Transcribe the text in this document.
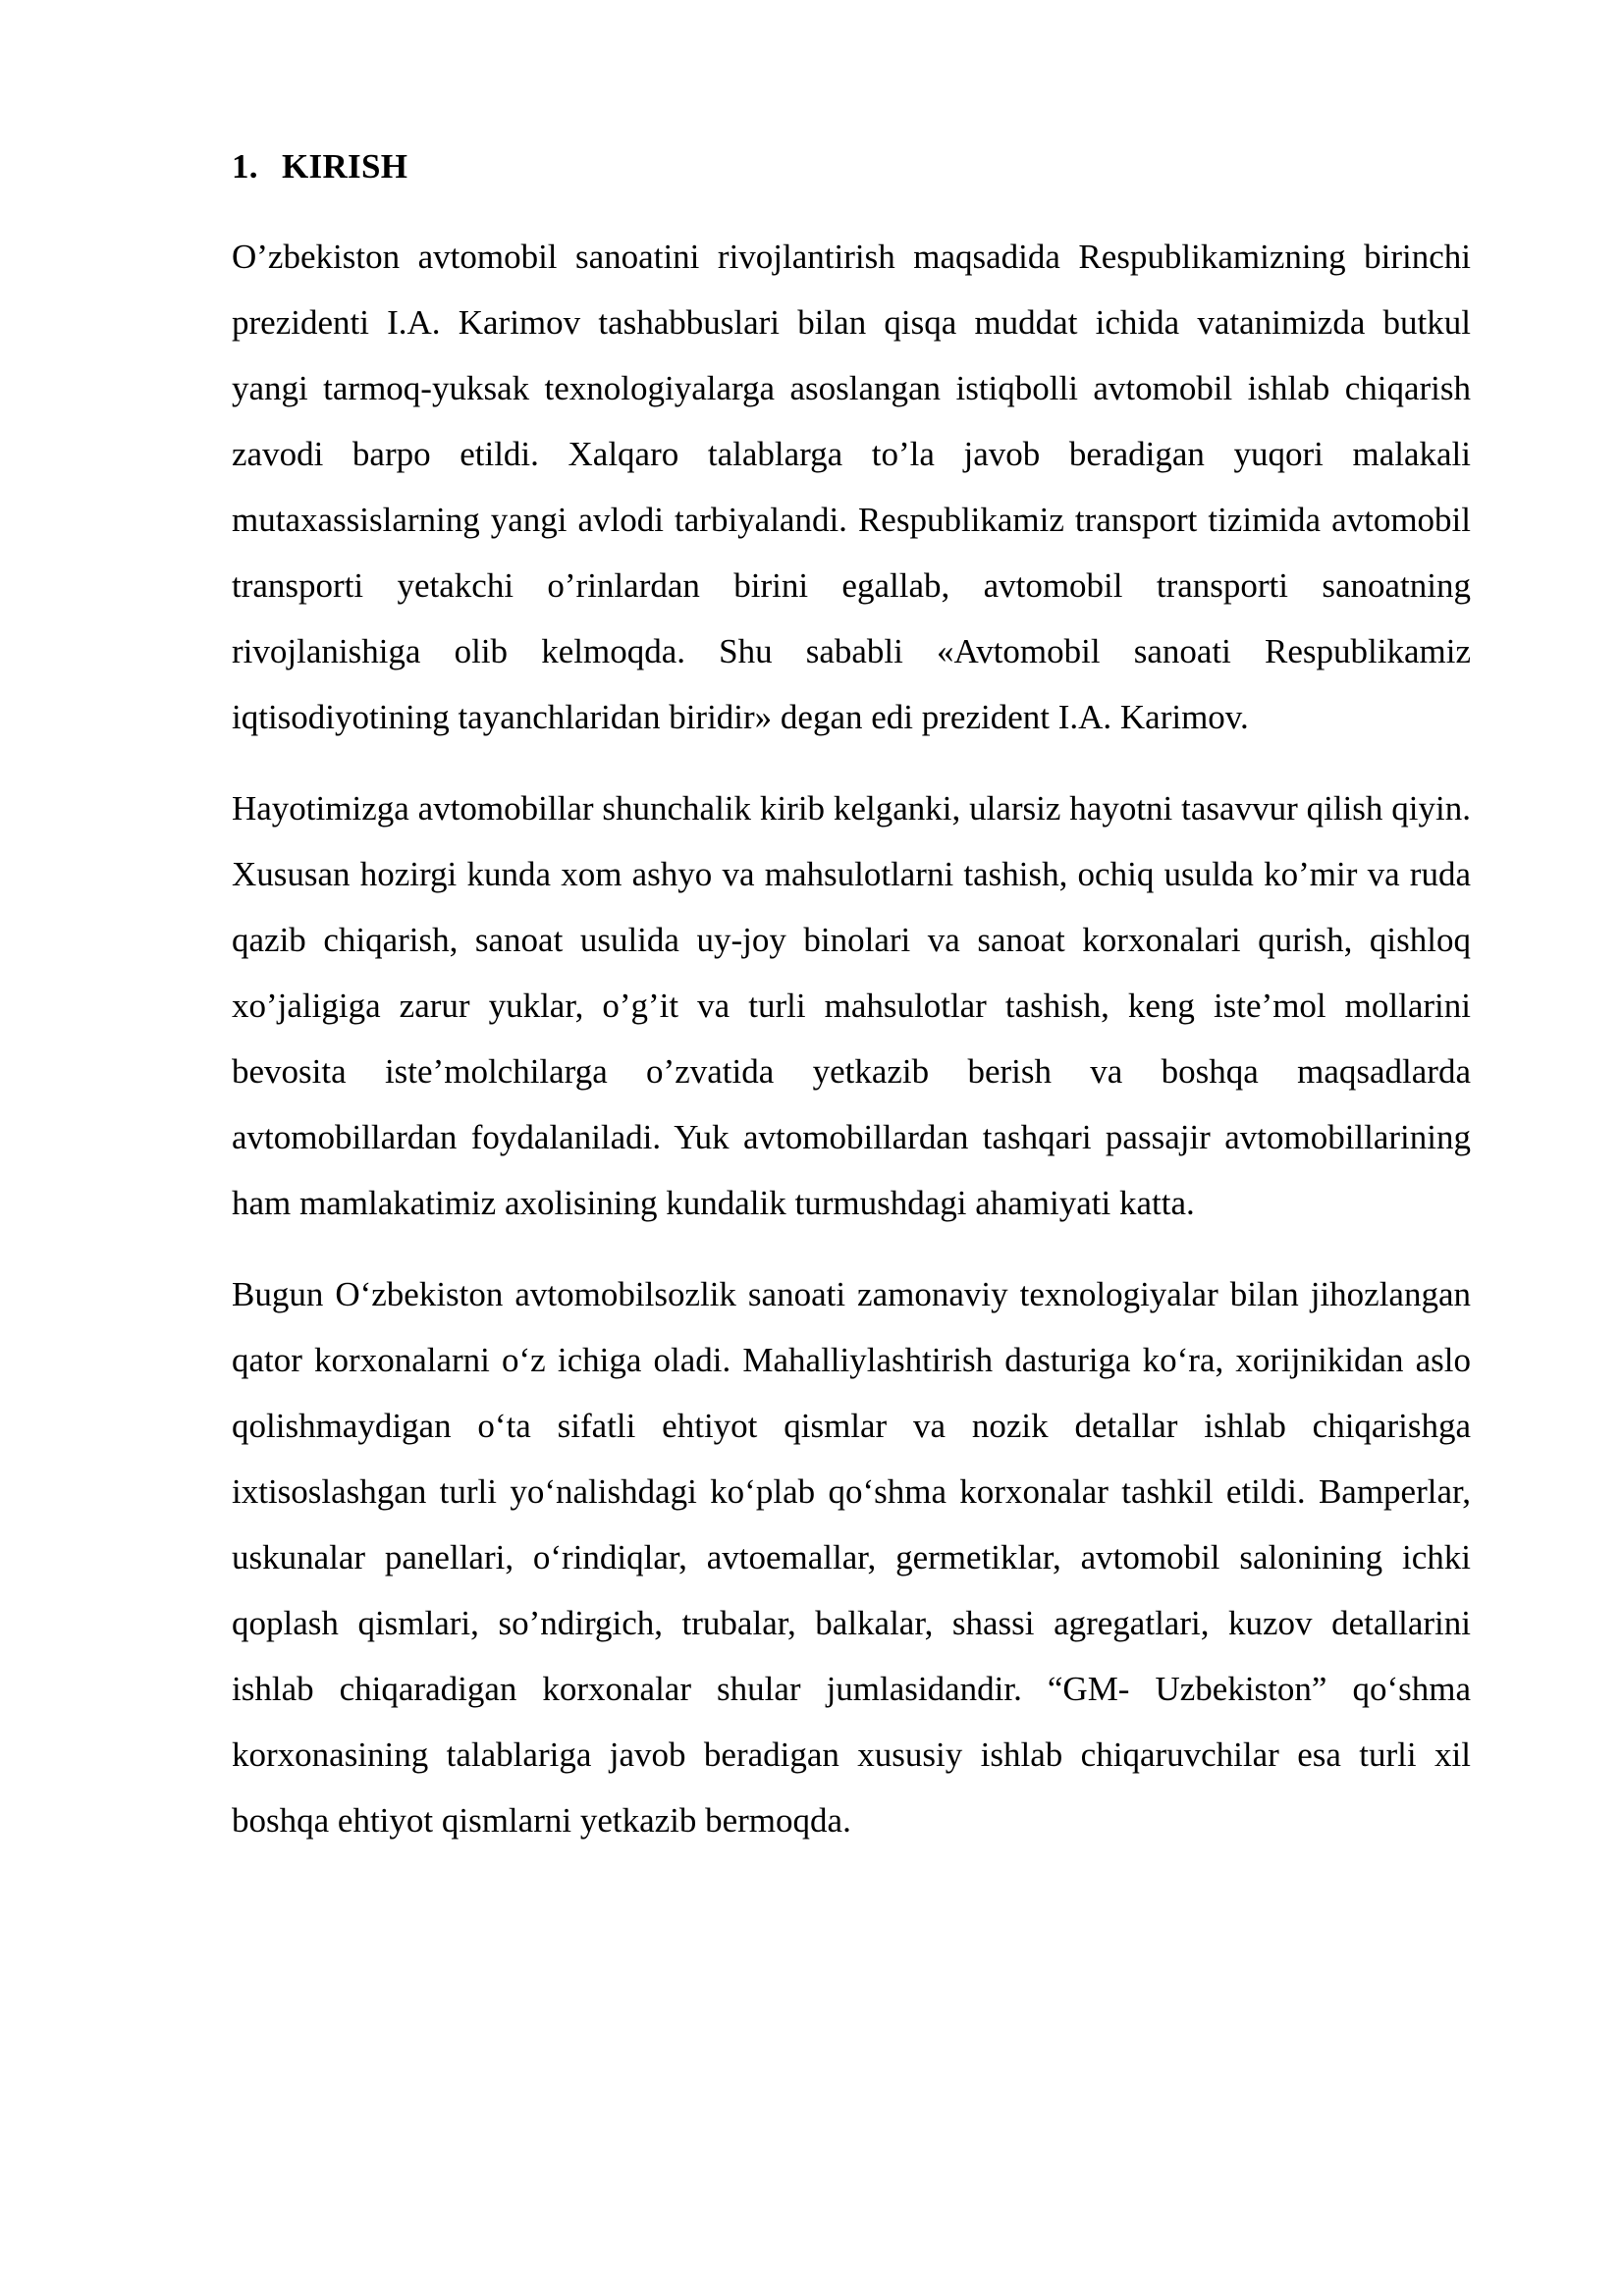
1. KIRISH

O’zbekiston avtomobil sanoatini rivojlantirish maqsadida Respublikamizning birinchi prezidenti I.A. Karimov tashabbuslari bilan qisqa muddat ichida vatanimizda butkul yangi tarmoq-yuksak texnologiyalarga asoslangan istiqbolli avtomobil ishlab chiqarish zavodi barpo etildi. Xalqaro talablarga to’la javob beradigan yuqori malakali mutaxassislarning yangi avlodi tarbiyalandi. Respublikamiz transport tizimida avtomobil transporti yetakchi o’rinlardan birini egallab, avtomobil transporti sanoatning rivojlanishiga olib kelmoqda. Shu sababli «Avtomobil sanoati Respublikamiz iqtisodiyotining tayanchlaridan biridir» degan edi prezident I.A. Karimov.

Hayotimizga avtomobillar shunchalik kirib kelganki, ularsiz hayotni tasavvur qilish qiyin. Xususan hozirgi kunda xom ashyo va mahsulotlarni tashish, ochiq usulda ko’mir va ruda qazib chiqarish, sanoat usulida uy-joy binolari va sanoat korxonalari qurish, qishloq xo’jaligiga zarur yuklar, o’g’it va turli mahsulotlar tashish, keng iste’mol mollarini bevosita iste’molchilarga o’zvatida yetkazib berish va boshqa maqsadlarda avtomobillardan foydalaniladi. Yuk avtomobillardan tashqari passajir avtomobillarining ham mamlakatimiz axolisining kundalik turmushdagi ahamiyati katta.

Bugun O‘zbekiston avtomobilsozlik sanoati zamonaviy texnologiyalar bilan jihozlangan qator korxonalarni o‘z ichiga oladi. Mahalliylashtirish dasturiga ko‘ra, xorijnikidan aslo qolishmaydigan o‘ta sifatli ehtiyot qismlar va nozik detallar ishlab chiqarishga ixtisoslashgan turli yo‘nalishdagi ko‘plab qo‘shma korxonalar tashkil etildi. Bamperlar, uskunalar panellari, o‘rindiqlar, avtoemallar, germetiklar, avtomobil salonining ichki qoplash qismlari, so’ndirgich, trubalar, balkalar, shassi agregatlari, kuzov detallarini ishlab chiqaradigan korxonalar shular jumlasidandir. “GM- Uzbekiston” qo‘shma korxonasining talablariga javob beradigan xususiy ishlab chiqaruvchilar esa turli xil boshqa ehtiyot qismlarni yetkazib bermoqda.
